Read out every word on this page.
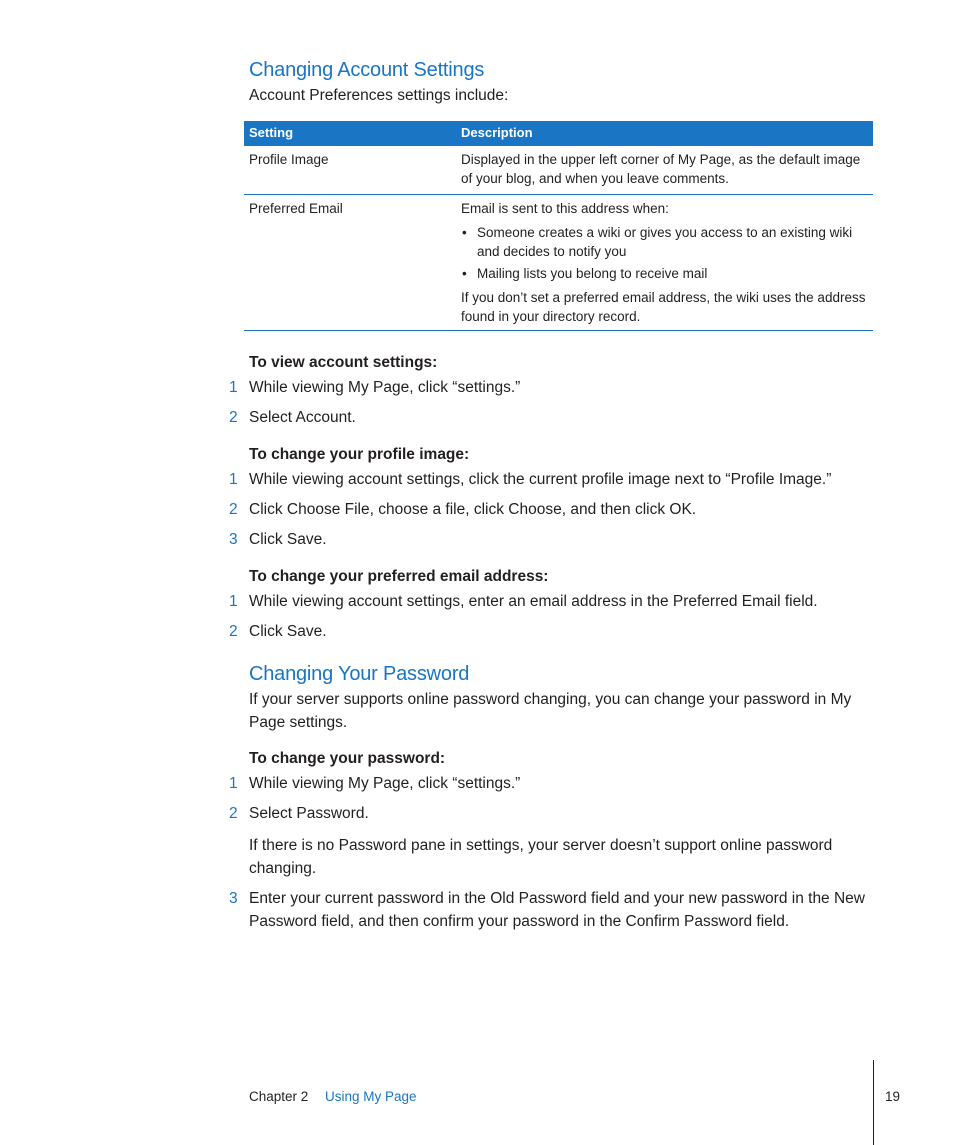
Changing Account Settings

Account Preferences settings include:

Setting	Description
Profile Image	Displayed in the upper left corner of My Page, as the default image of your blog, and when you leave comments.
Preferred Email	Email is sent to this address when:
• Someone creates a wiki or gives you access to an existing wiki and decides to notify you
• Mailing lists you belong to receive mail
If you don’t set a preferred email address, the wiki uses the address found in your directory record.
To view account settings:
1 While viewing My Page, click “settings.”
2 Select Account.
To change your profile image:
1 While viewing account settings, click the current profile image next to “Profile Image.”
2 Click Choose File, choose a file, click Choose, and then click OK.
3 Click Save.
To change your preferred email address:
1 While viewing account settings, enter an email address in the Preferred Email field.
2 Click Save.
Changing Your Password

If your server supports online password changing, you can change your password in My Page settings.

To change your password:
1 While viewing My Page, click “settings.”
2 Select Password.
If there is no Password pane in settings, your server doesn’t support online password changing.
3 Enter your current password in the Old Password field and your new password in the New Password field, and then confirm your password in the Confirm Password field.
Chapter 2 Using My Page	19
